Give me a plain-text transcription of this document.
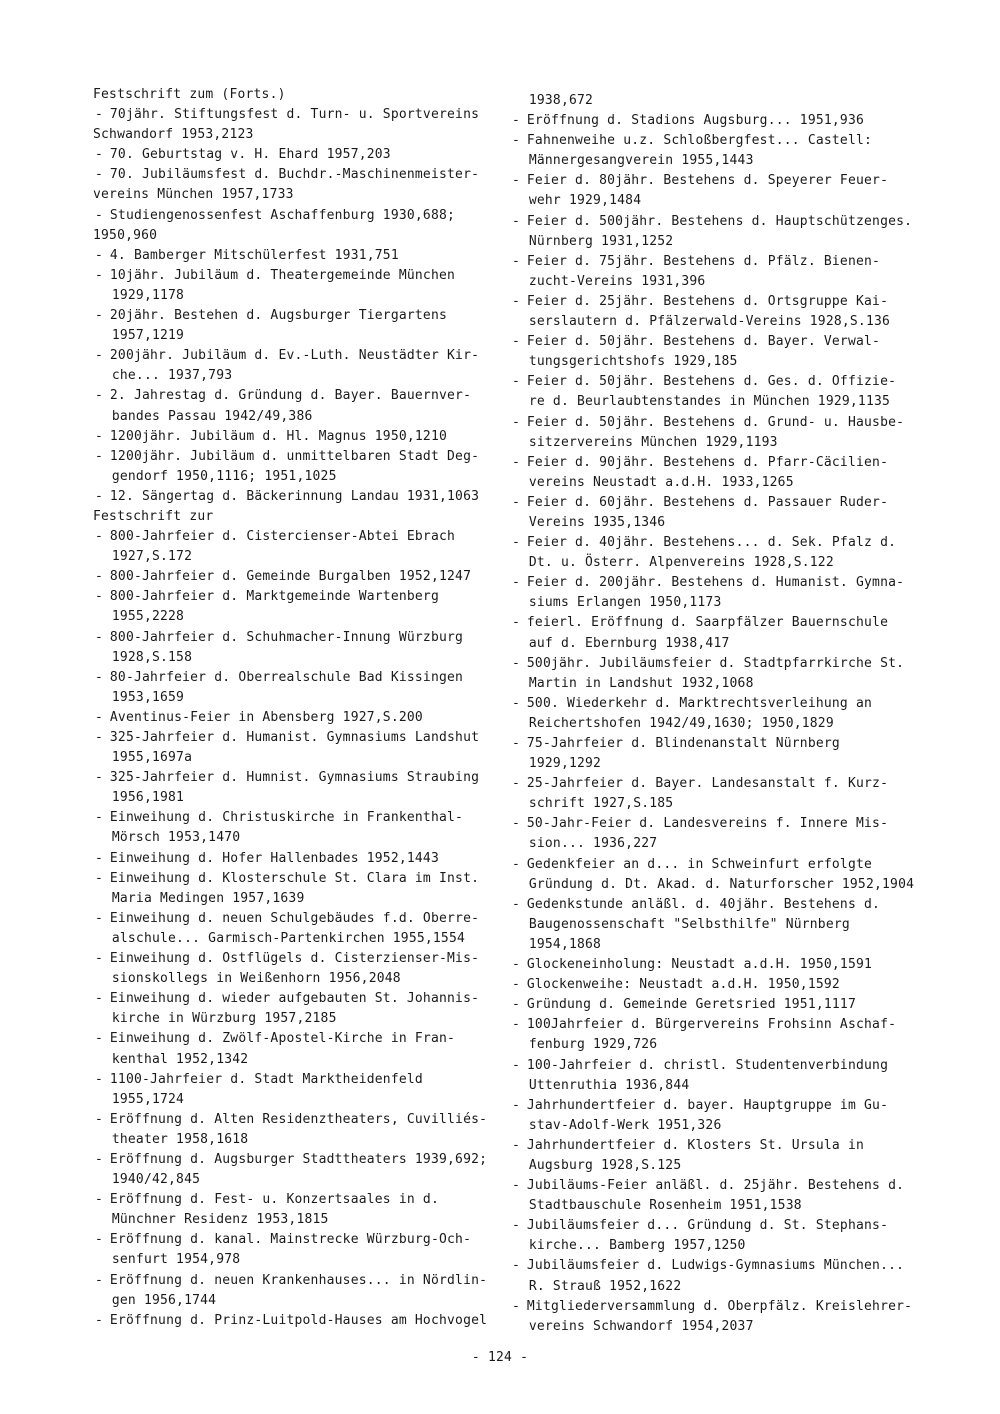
Festschrift zum (Forts.)
-70jähr. Stiftungsfest d. Turn- u. Sportvereins
Schwandorf 1953,2123
-70. Geburtstag v. H. Ehard 1957,203
-70. Jubiläumsfest d. Buchdr.-Maschinenmeister-
vereins München 1957,1733
-Studiengenossenfest Aschaffenburg 1930,688;
1950,960
-4. Bamberger Mitschülerfest 1931,751
-10jähr. Jubiläum d. Theatergemeinde München
1929,1178
-20jähr. Bestehen d. Augsburger Tiergartens
1957,1219
-200jähr. Jubiläum d. Ev.-Luth. Neustädter Kir-
che... 1937,793
-2. Jahrestag d. Gründung d. Bayer. Bauernver-
bandes Passau 1942/49,386
-1200jähr. Jubiläum d. Hl. Magnus 1950,1210
-1200jähr. Jubiläum d. unmittelbaren Stadt Deg-
gendorf 1950,1116; 1951,1025
-12. Sängertag d. Bäckerinnung Landau 1931,1063
Festschrift zur
-800-Jahrfeier d. Cistercienser-Abtei Ebrach
1927,S.172
-800-Jahrfeier d. Gemeinde Burgalben 1952,1247
-800-Jahrfeier d. Marktgemeinde Wartenberg
1955,2228
-800-Jahrfeier d. Schuhmacher-Innung Würzburg
1928,S.158
-80-Jahrfeier d. Oberrealschule Bad Kissingen
1953,1659
-Aventinus-Feier in Abensberg 1927,S.200
-325-Jahrfeier d. Humanist. Gymnasiums Landshut
1955,1697a
-325-Jahrfeier d. Humnist. Gymnasiums Straubing
1956,1981
-Einweihung d. Christuskirche in Frankenthal-
Mörsch 1953,1470
-Einweihung d. Hofer Hallenbades 1952,1443
-Einweihung d. Klosterschule St. Clara im Inst.
Maria Medingen 1957,1639
-Einweihung d. neuen Schulgebäudes f.d. Oberre-
alschule... Garmisch-Partenkirchen 1955,1554
-Einweihung d. Ostflügels d. Cisterzienser-Mis-
sionskollegs in Weißenhorn 1956,2048
-Einweihung d. wieder aufgebauten St. Johannis-
kirche in Würzburg 1957,2185
-Einweihung d. Zwölf-Apostel-Kirche in Fran-
kenthal 1952,1342
-1100-Jahrfeier d. Stadt Marktheidenfeld
1955,1724
-Eröffnung d. Alten Residenztheaters, Cuvilliés-
theater 1958,1618
-Eröffnung d. Augsburger Stadttheaters 1939,692;
1940/42,845
-Eröffnung d. Fest- u. Konzertsaales in d.
Münchner Residenz 1953,1815
-Eröffnung d. kanal. Mainstrecke Würzburg-Och-
senfurt 1954,978
-Eröffnung d. neuen Krankenhauses... in Nördlin-
gen 1956,1744
-Eröffnung d. Prinz-Luitpold-Hauses am Hochvogel
1938,672
-Eröffnung d. Stadions Augsburg... 1951,936
-Fahnenweihe u.z. Schloßbergfest... Castell:
Männergesangverein 1955,1443
-Feier d. 80jähr. Bestehens d. Speyerer Feuer-
wehr 1929,1484
-Feier d. 500jähr. Bestehens d. Hauptschützenges.
Nürnberg 1931,1252
-Feier d. 75jähr. Bestehens d. Pfälz. Bienen-
zucht-Vereins 1931,396
-Feier d. 25jähr. Bestehens d. Ortsgruppe Kai-
serslautern d. Pfälzerwald-Vereins 1928,S.136
-Feier d. 50jähr. Bestehens d. Bayer. Verwal-
tungsgerichtshofs 1929,185
-Feier d. 50jähr. Bestehens d. Ges. d. Offizie-
re d. Beurlaubtenstandes in München 1929,1135
-Feier d. 50jähr. Bestehens d. Grund- u. Hausbe-
sitzervereins München 1929,1193
-Feier d. 90jähr. Bestehens d. Pfarr-Cäcilien-
vereins Neustadt a.d.H. 1933,1265
-Feier d. 60jähr. Bestehens d. Passauer Ruder-
Vereins 1935,1346
-Feier d. 40jähr. Bestehens... d. Sek. Pfalz d.
Dt. u. Österr. Alpenvereins 1928,S.122
-Feier d. 200jähr. Bestehens d. Humanist. Gymna-
siums Erlangen 1950,1173
-feierl. Eröffnung d. Saarpfälzer Bauernschule
auf d. Ebernburg 1938,417
-500jähr. Jubiläumsfeier d. Stadtpfarrkirche St.
Martin in Landshut 1932,1068
-500. Wiederkehr d. Marktrechtsverleihung an
Reichertshofen 1942/49,1630; 1950,1829
-75-Jahrfeier d. Blindenanstalt Nürnberg
1929,1292
-25-Jahrfeier d. Bayer. Landesanstalt f. Kurz-
schrift 1927,S.185
-50-Jahr-Feier d. Landesvereins f. Innere Mis-
sion... 1936,227
-Gedenkfeier an d... in Schweinfurt erfolgte
Gründung d. Dt. Akad. d. Naturforscher 1952,1904
-Gedenkstunde anläßl. d. 40jähr. Bestehens d.
Baugenossenschaft "Selbsthilfe" Nürnberg
1954,1868
-Glockeneinholung: Neustadt a.d.H. 1950,1591
-Glockenweihe: Neustadt a.d.H. 1950,1592
-Gründung d. Gemeinde Geretsried 1951,1117
-100Jahrfeier d. Bürgervereins Frohsinn Aschaf-
fenburg 1929,726
-100-Jahrfeier d. christl. Studentenverbindung
Uttenruthia 1936,844
-Jahrhundertfeier d. bayer. Hauptgruppe im Gu-
stav-Adolf-Werk 1951,326
-Jahrhundertfeier d. Klosters St. Ursula in
Augsburg 1928,S.125
-Jubiläums-Feier anläßl. d. 25jähr. Bestehens d.
Stadtbauschule Rosenheim 1951,1538
-Jubiläumsfeier d... Gründung d. St. Stephans-
kirche... Bamberg 1957,1250
-Jubiläumsfeier d. Ludwigs-Gymnasiums München...
R. Strauß 1952,1622
-Mitgliederversammlung d. Oberpfälz. Kreislehrer-
vereins Schwandorf 1954,2037
- 124 -
